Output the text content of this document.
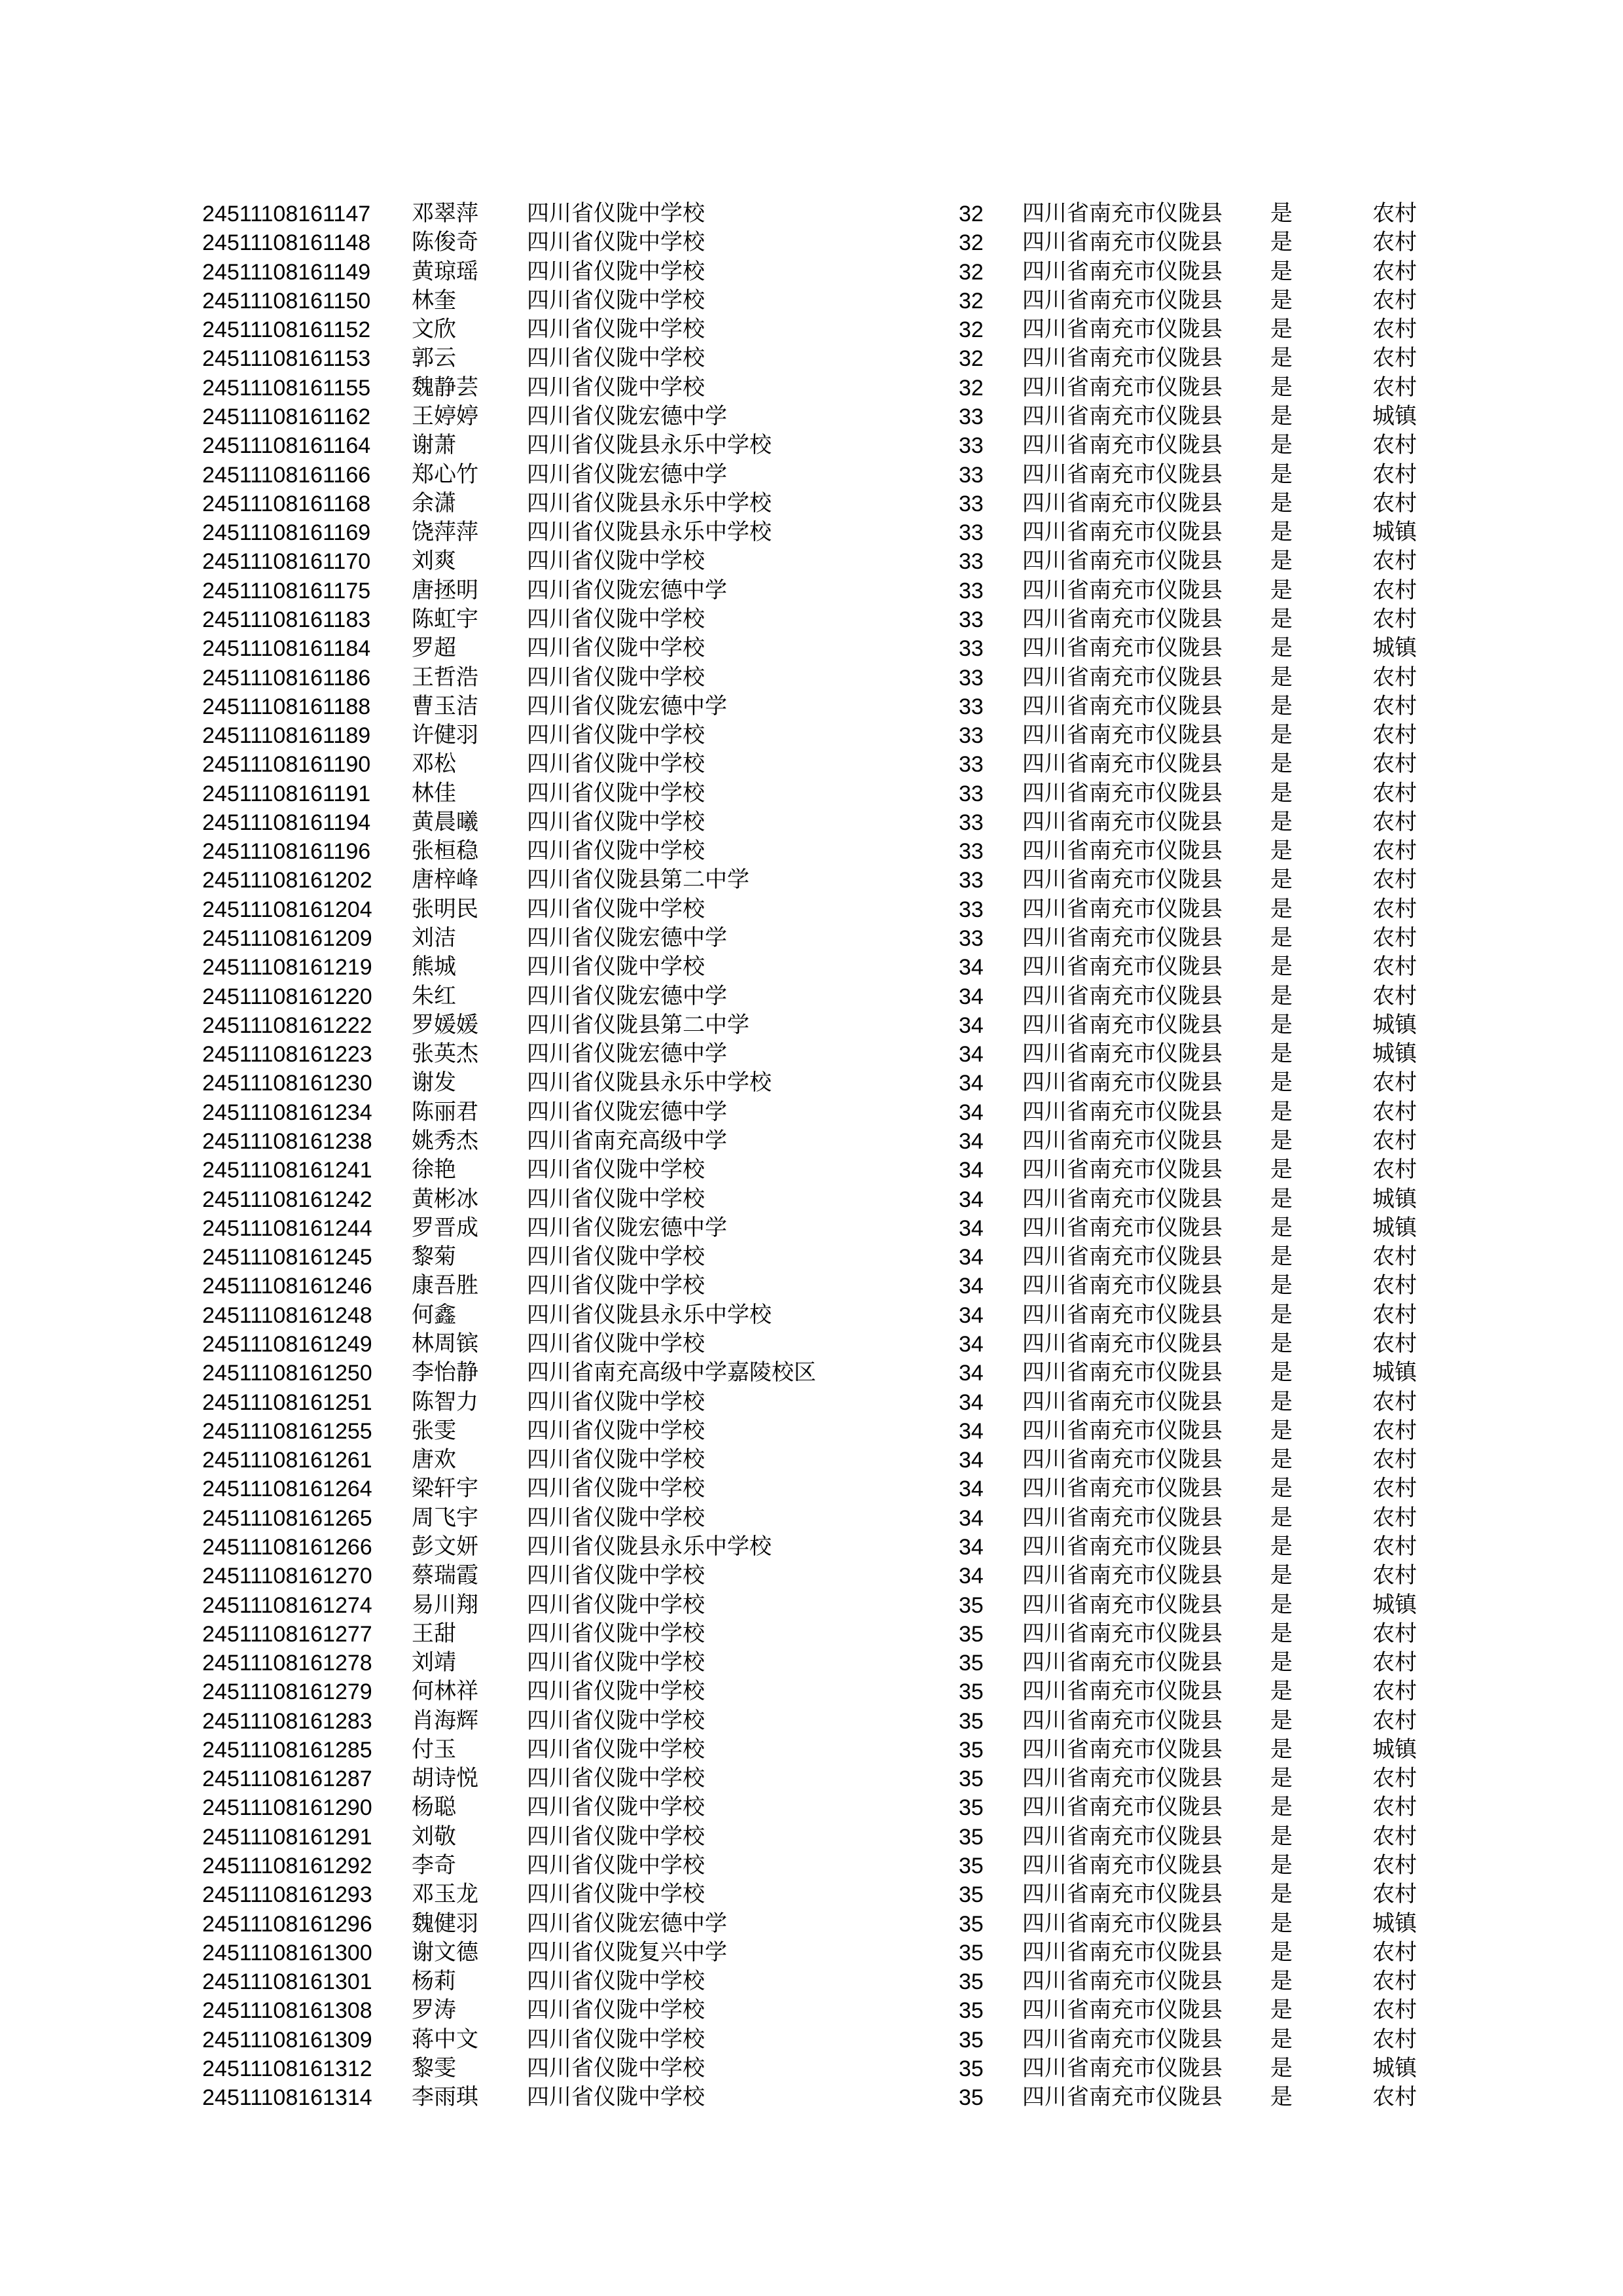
24511108161147 邓翠萍 四川省仪陇中学校	32 四川省南充市仪陇县 是	农村
24511108161148 陈俊奇 四川省仪陇中学校	32 四川省南充市仪陇县 是	农村
24511108161149 黄琼瑶 四川省仪陇中学校	32 四川省南充市仪陇县 是	农村
24511108161150 林奎	四川省仪陇中学校	32 四川省南充市仪陇县 是	农村
24511108161152 文欣	四川省仪陇中学校	32 四川省南充市仪陇县 是	农村
24511108161153 郭云	四川省仪陇中学校	32 四川省南充市仪陇县 是	农村
24511108161155 魏静芸 四川省仪陇中学校	32 四川省南充市仪陇县 是	农村
24511108161162 王婷婷 四川省仪陇宏德中学	33 四川省南充市仪陇县 是	城镇
24511108161164 谢萧	四川省仪陇县永乐中学校	33 四川省南充市仪陇县 是	农村
24511108161166 郑心竹 四川省仪陇宏德中学	33 四川省南充市仪陇县 是	农村
24511108161168 余潇	四川省仪陇县永乐中学校	33 四川省南充市仪陇县 是	农村
24511108161169 饶萍萍 四川省仪陇县永乐中学校	33 四川省南充市仪陇县 是	城镇
24511108161170 刘爽	四川省仪陇中学校	33 四川省南充市仪陇县 是	农村
24511108161175 唐拯明 四川省仪陇宏德中学	33 四川省南充市仪陇县 是	农村
24511108161183 陈虹宇 四川省仪陇中学校	33 四川省南充市仪陇县 是	农村
24511108161184 罗超	四川省仪陇中学校	33 四川省南充市仪陇县 是	城镇
24511108161186 王哲浩 四川省仪陇中学校	33 四川省南充市仪陇县 是	农村
24511108161188 曹玉洁 四川省仪陇宏德中学	33 四川省南充市仪陇县 是	农村
24511108161189 许健羽 四川省仪陇中学校	33 四川省南充市仪陇县 是	农村
24511108161190 邓松	四川省仪陇中学校	33 四川省南充市仪陇县 是	农村
24511108161191 林佳	四川省仪陇中学校	33 四川省南充市仪陇县 是	农村
24511108161194 黄晨曦 四川省仪陇中学校	33 四川省南充市仪陇县 是	农村
24511108161196 张桓稳 四川省仪陇中学校	33 四川省南充市仪陇县 是	农村
24511108161202 唐梓峰 四川省仪陇县第二中学	33 四川省南充市仪陇县 是	农村
24511108161204 张明民 四川省仪陇中学校	33 四川省南充市仪陇县 是	农村
24511108161209 刘洁	四川省仪陇宏德中学	33 四川省南充市仪陇县 是	农村
24511108161219 熊城	四川省仪陇中学校	34 四川省南充市仪陇县 是	农村
24511108161220 朱红	四川省仪陇宏德中学	34 四川省南充市仪陇县 是	农村
24511108161222 罗媛媛 四川省仪陇县第二中学	34 四川省南充市仪陇县 是	城镇
24511108161223 张英杰 四川省仪陇宏德中学	34 四川省南充市仪陇县 是	城镇
24511108161230 谢发	四川省仪陇县永乐中学校	34 四川省南充市仪陇县 是	农村
24511108161234 陈丽君 四川省仪陇宏德中学	34 四川省南充市仪陇县 是	农村
24511108161238 姚秀杰 四川省南充高级中学	34 四川省南充市仪陇县 是	农村
24511108161241 徐艳	四川省仪陇中学校	34 四川省南充市仪陇县 是	农村
24511108161242 黄彬冰 四川省仪陇中学校	34 四川省南充市仪陇县 是	城镇
24511108161244 罗晋成 四川省仪陇宏德中学	34 四川省南充市仪陇县 是	城镇
24511108161245 黎菊	四川省仪陇中学校	34 四川省南充市仪陇县 是	农村
24511108161246 康吾胜 四川省仪陇中学校	34 四川省南充市仪陇县 是	农村
24511108161248 何鑫	四川省仪陇县永乐中学校	34 四川省南充市仪陇县 是	农村
24511108161249 林周镔 四川省仪陇中学校	34 四川省南充市仪陇县 是	农村
24511108161250 李怡静 四川省南充高级中学嘉陵校区	34 四川省南充市仪陇县 是	城镇
24511108161251 陈智力 四川省仪陇中学校	34 四川省南充市仪陇县 是	农村
24511108161255 张雯	四川省仪陇中学校	34 四川省南充市仪陇县 是	农村
24511108161261 唐欢	四川省仪陇中学校	34 四川省南充市仪陇县 是	农村
24511108161264 梁轩宇 四川省仪陇中学校	34 四川省南充市仪陇县 是	农村
24511108161265 周飞宇 四川省仪陇中学校	34 四川省南充市仪陇县 是	农村
24511108161266 彭文妍 四川省仪陇县永乐中学校	34 四川省南充市仪陇县 是	农村
24511108161270 蔡瑞霞 四川省仪陇中学校	34 四川省南充市仪陇县 是	农村
24511108161274 易川翔 四川省仪陇中学校	35 四川省南充市仪陇县 是	城镇
24511108161277 王甜	四川省仪陇中学校	35 四川省南充市仪陇县 是	农村
24511108161278 刘靖	四川省仪陇中学校	35 四川省南充市仪陇县 是	农村
24511108161279 何林祥 四川省仪陇中学校	35 四川省南充市仪陇县 是	农村
24511108161283 肖海辉 四川省仪陇中学校	35 四川省南充市仪陇县 是	农村
24511108161285 付玉	四川省仪陇中学校	35 四川省南充市仪陇县 是	城镇
24511108161287 胡诗悦 四川省仪陇中学校	35 四川省南充市仪陇县 是	农村
24511108161290 杨聪	四川省仪陇中学校	35 四川省南充市仪陇县 是	农村
24511108161291 刘敬	四川省仪陇中学校	35 四川省南充市仪陇县 是	农村
24511108161292 李奇	四川省仪陇中学校	35 四川省南充市仪陇县 是	农村
24511108161293 邓玉龙 四川省仪陇中学校	35 四川省南充市仪陇县 是	农村
24511108161296 魏健羽 四川省仪陇宏德中学	35 四川省南充市仪陇县 是	城镇
24511108161300 谢文德 四川省仪陇复兴中学	35 四川省南充市仪陇县 是	农村
24511108161301 杨莉	四川省仪陇中学校	35 四川省南充市仪陇县 是	农村
24511108161308 罗涛	四川省仪陇中学校	35 四川省南充市仪陇县 是	农村
24511108161309 蒋中文 四川省仪陇中学校	35 四川省南充市仪陇县 是	农村
24511108161312 黎雯	四川省仪陇中学校	35 四川省南充市仪陇县 是	城镇
24511108161314 李雨琪 四川省仪陇中学校	35 四川省南充市仪陇县 是	农村
